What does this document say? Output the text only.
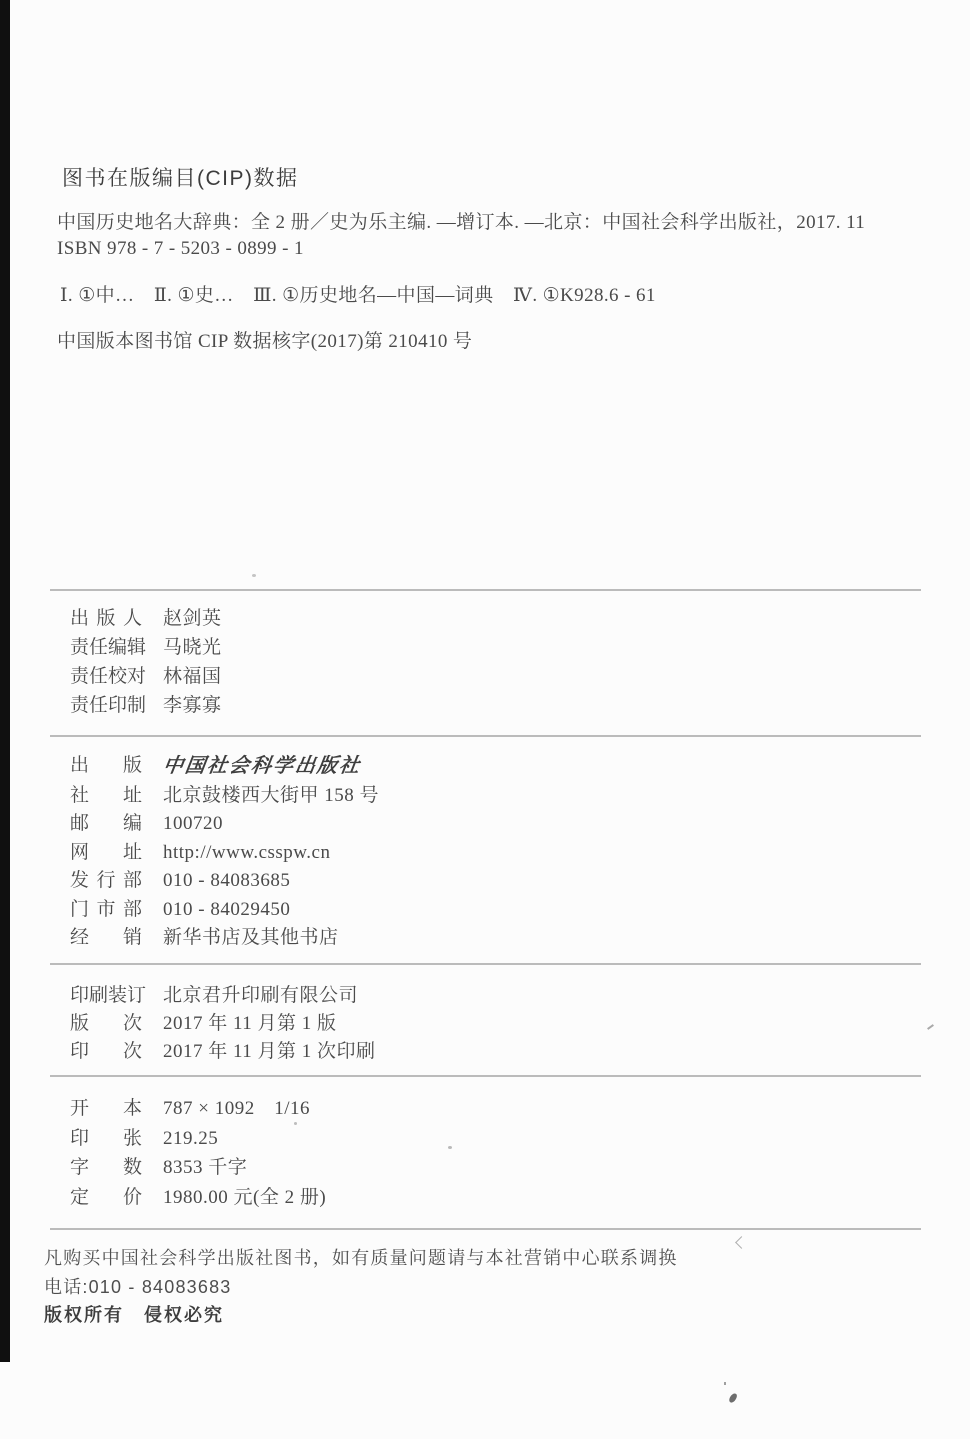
图书在版编目(CIP)数据
中国历史地名大辞典：全 2 册／史为乐主编. —增订本. —北京：中国社会科学出版社，2017. 11
ISBN 978 - 7 - 5203 - 0899 - 1
Ⅰ. ①中…　Ⅱ. ①史…　Ⅲ. ①历史地名—中国—词典　Ⅳ. ①K928.6 - 61
中国版本图书馆 CIP 数据核字(2017)第 210410 号
出版人 赵剑英
责任编辑 马晓光
责任校对 林福国
责任印制 李寡寡
出版 中国社会科学出版社
社址 北京鼓楼西大街甲 158 号
邮编 100720
网址 http://www.csspw.cn
发行部 010 - 84083685
门市部 010 - 84029450
经销 新华书店及其他书店
印刷装订 北京君升印刷有限公司
版次 2017 年 11 月第 1 版
印次 2017 年 11 月第 1 次印刷
开本 787 × 1092　1/16
印张 219.25
字数 8353 千字
定价 1980.00 元(全 2 册)
凡购买中国社会科学出版社图书，如有质量问题请与本社营销中心联系调换
电话:010 - 84083683
版权所有　侵权必究
